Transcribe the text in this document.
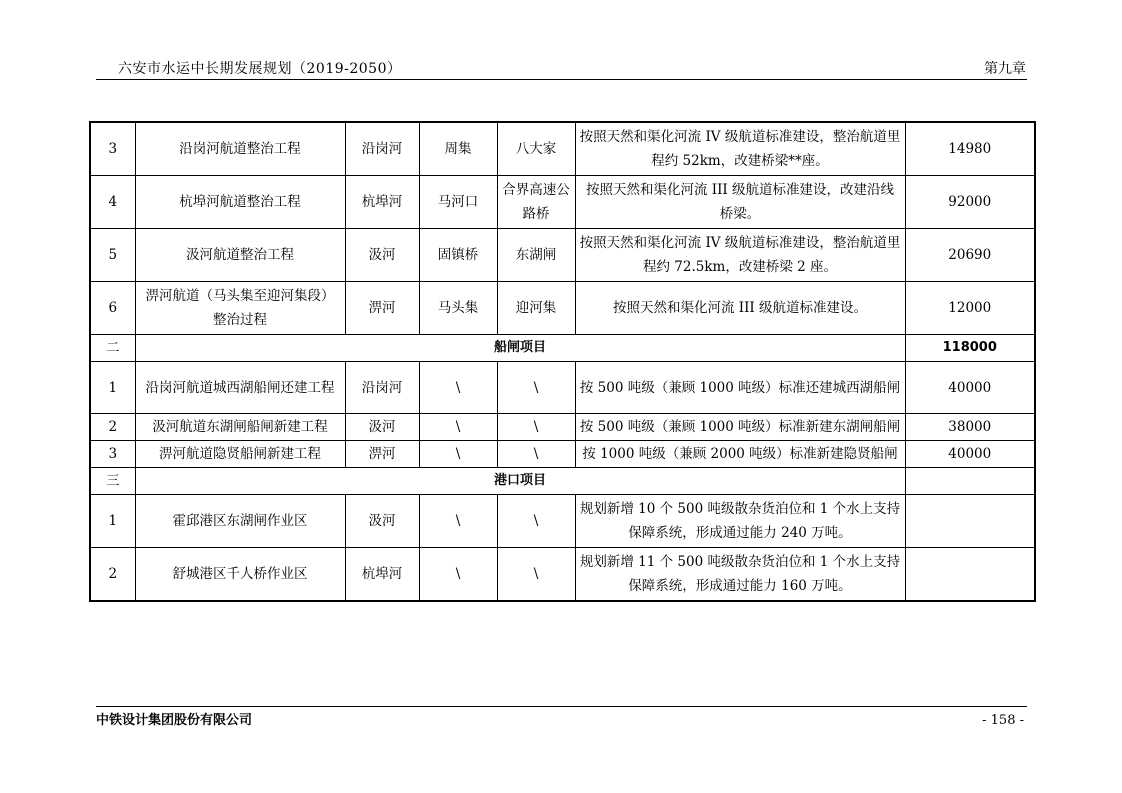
六安市水运中长期发展规划（2019-2050）	第九章
3	沿岗河航道整治工程	沿岗河	周集	八大家	按照天然和渠化河流 IV 级航道标准建设，整治航道里程约 52km，改建桥梁**座。	14980
4	杭埠河航道整治工程	杭埠河	马河口	合界高速公路桥	按照天然和渠化河流 III 级航道标准建设，改建沿线桥梁。	92000
5	汲河航道整治工程	汲河	固镇桥	东湖闸	按照天然和渠化河流 IV 级航道标准建设，整治航道里程约 72.5km，改建桥梁 2 座。	20690
6	淠河航道（马头集至迎河集段）整治过程	淠河	马头集	迎河集	按照天然和渠化河流 III 级航道标准建设。	12000
二	船闸项目					118000
1	沿岗河航道城西湖船闸还建工程	沿岗河	\	\	按 500 吨级（兼顾 1000 吨级）标准还建城西湖船闸	40000
2	汲河航道东湖闸船闸新建工程	汲河	\	\	按 500 吨级（兼顾 1000 吨级）标准新建东湖闸船闸	38000
3	淠河航道隐贤船闸新建工程	淠河	\	\	按 1000 吨级（兼顾 2000 吨级）标准新建隐贤船闸	40000
三	港口项目					
1	霍邱港区东湖闸作业区	汲河	\	\	规划新增 10 个 500 吨级散杂货泊位和 1 个水上支持保障系统，形成通过能力 240 万吨。	
2	舒城港区千人桥作业区	杭埠河	\	\	规划新增 11 个 500 吨级散杂货泊位和 1 个水上支持保障系统，形成通过能力 160 万吨。	
中铁设计集团股份有限公司	- 158 -
